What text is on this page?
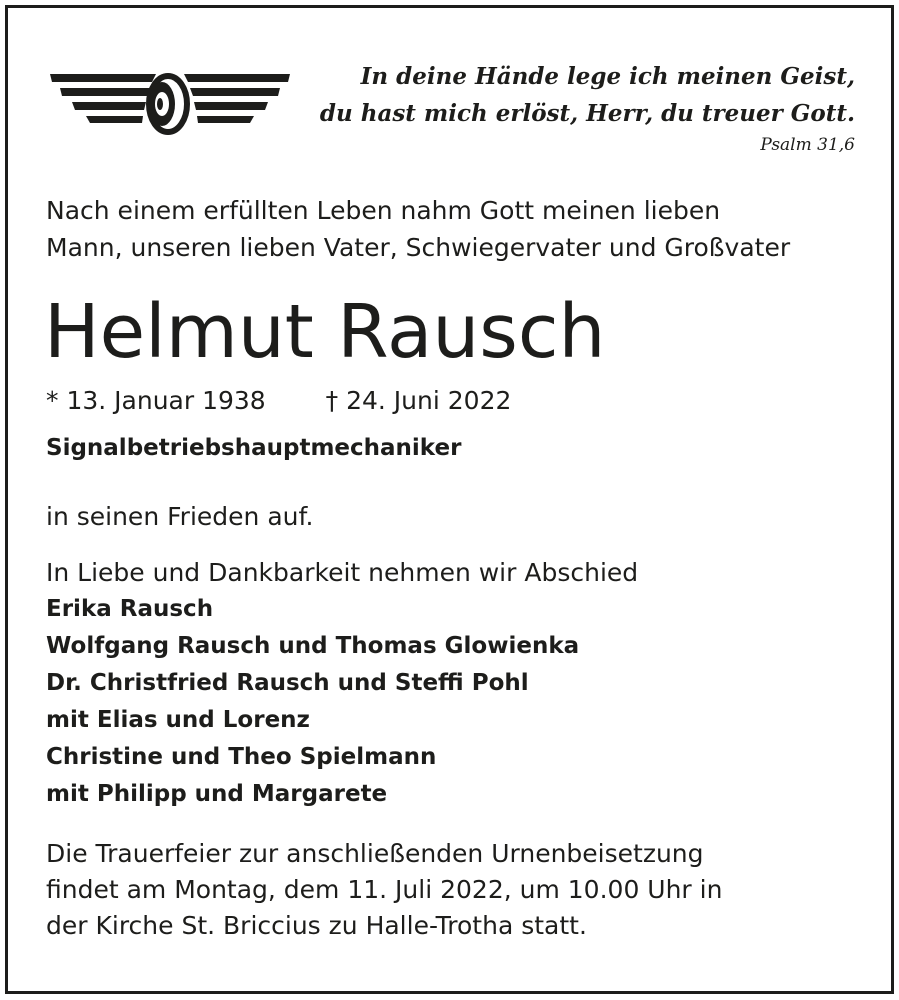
In deine Hände lege ich meinen Geist,
du hast mich erlöst, Herr, du treuer Gott.
Psalm 31,6
Nach einem erfüllten Leben nahm Gott meinen lieben
Mann, unseren lieben Vater, Schwiegervater und Großvater
Helmut Rausch
* 13. Januar 1938 † 24. Juni 2022
Signalbetriebshauptmechaniker
in seinen Frieden auf.
In Liebe und Dankbarkeit nehmen wir Abschied
Erika Rausch
Wolfgang Rausch und Thomas Glowienka
Dr. Christfried Rausch und Steffi Pohl
mit Elias und Lorenz
Christine und Theo Spielmann
mit Philipp und Margarete
Die Trauerfeier zur anschließenden Urnenbeisetzung
findet am Montag, dem 11. Juli 2022, um 10.00 Uhr in
der Kirche St. Briccius zu Halle-Trotha statt.
